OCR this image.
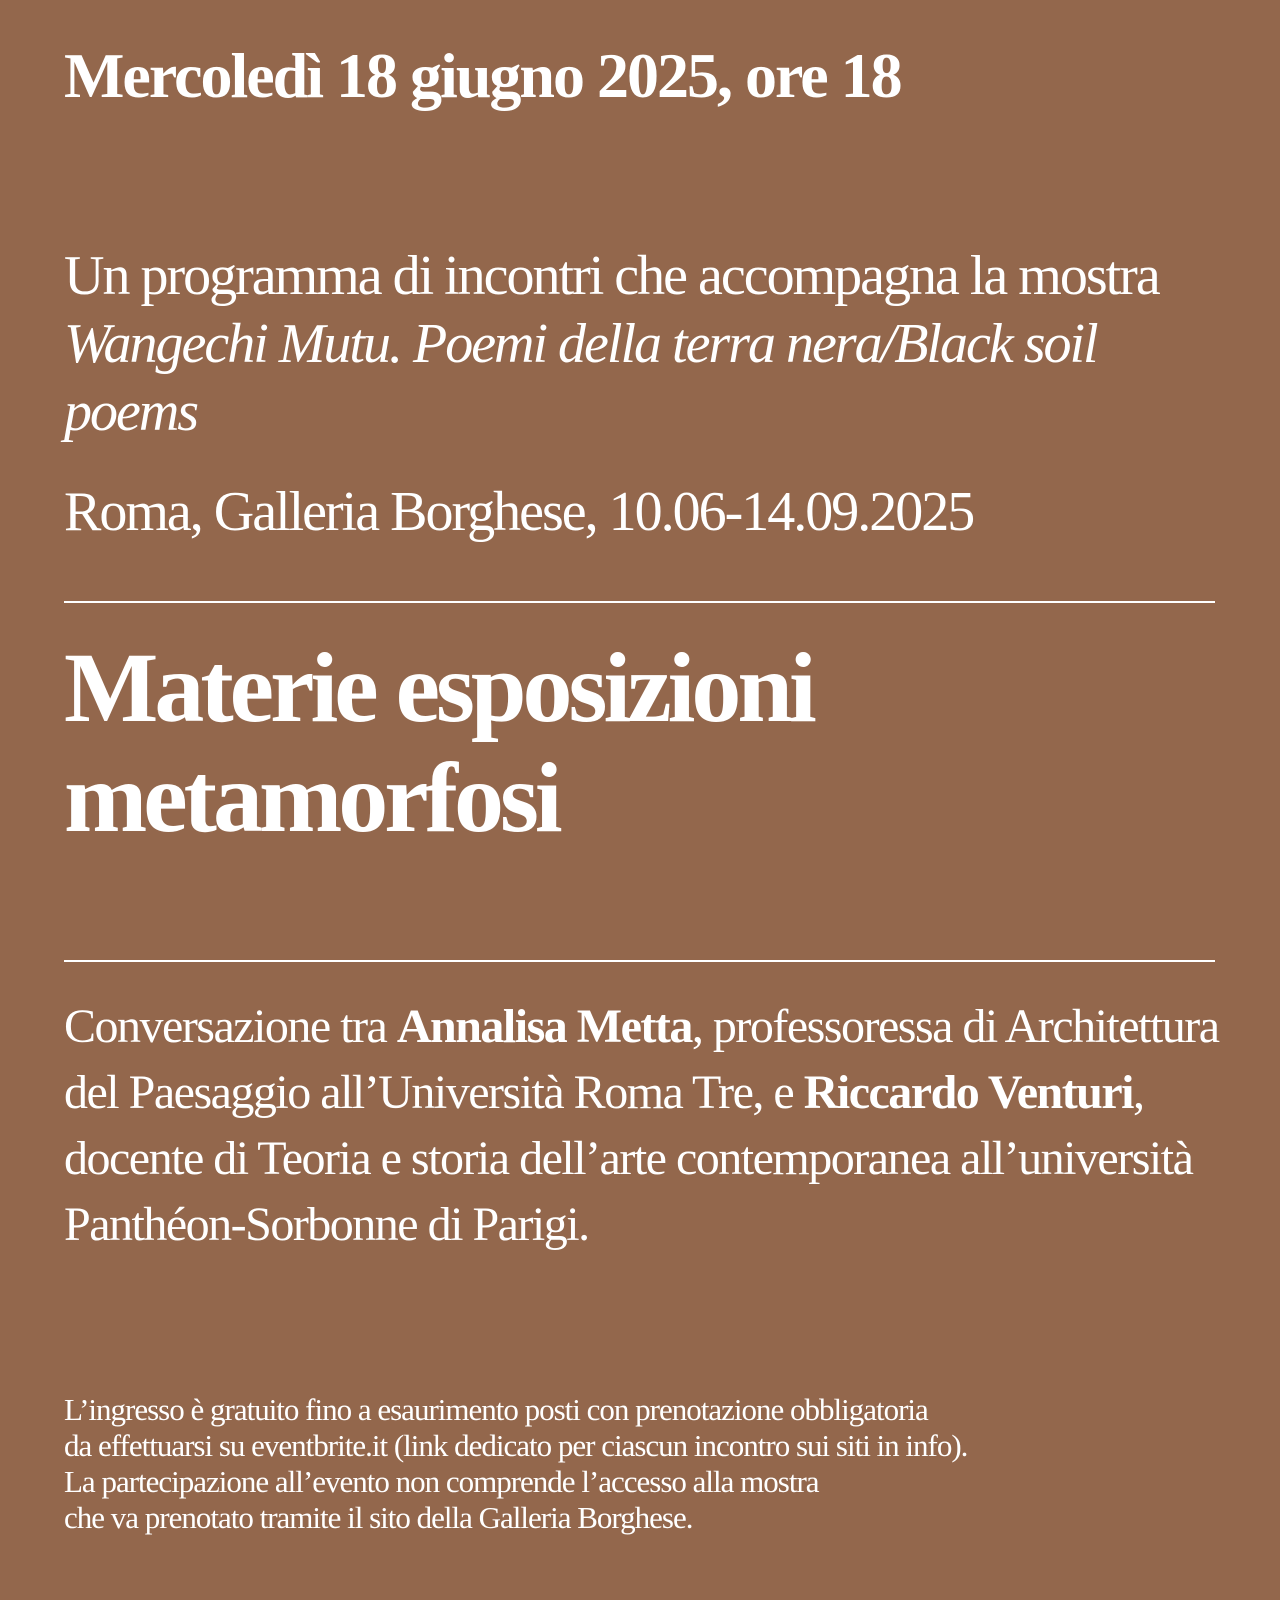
Mercoledì 18 giugno 2025, ore 18
Un programma di incontri che accompagna la mostra Wangechi Mutu. Poemi della terra nera/Black soil poems
Roma, Galleria Borghese, 10.06-14.09.2025
Materie esposizioni
metamorfosi
Conversazione tra Annalisa Metta, professoressa di Architettura del Paesaggio all’Università Roma Tre, e Riccardo Venturi, docente di Teoria e storia dell’arte contemporanea all’università Panthéon-Sorbonne di Parigi.
L’ingresso è gratuito fino a esaurimento posti con prenotazione obbligatoria
da effettuarsi su eventbrite.it (link dedicato per ciascun incontro sui siti in info).
La partecipazione all’evento non comprende l’accesso alla mostra
che va prenotato tramite il sito della Galleria Borghese.
